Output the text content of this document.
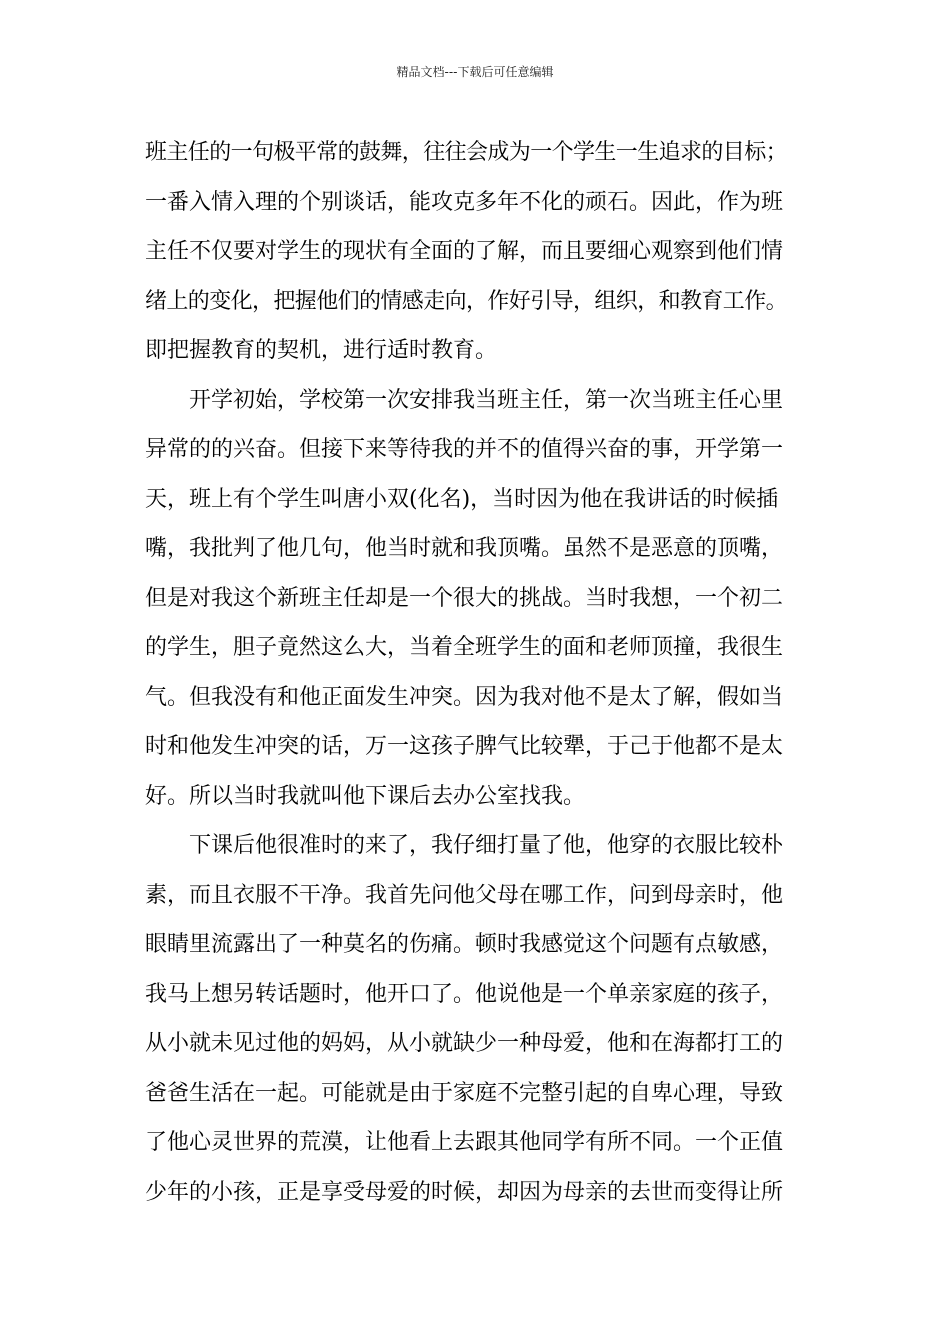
精品文档---下载后可任意编辑
班主任的一句极平常的鼓舞，往往会成为一个学生一生追求的目标；
一番入情入理的个别谈话，能攻克多年不化的顽石。因此，作为班
主任不仅要对学生的现状有全面的了解，而且要细心观察到他们情
绪上的变化，把握他们的情感走向，作好引导，组织，和教育工作。
即把握教育的契机，进行适时教育。
开学初始，学校第一次安排我当班主任，第一次当班主任心里
异常的的兴奋。但接下来等待我的并不的值得兴奋的事，开学第一
天，班上有个学生叫唐小双(化名)，当时因为他在我讲话的时候插
嘴，我批判了他几句，他当时就和我顶嘴。虽然不是恶意的顶嘴，
但是对我这个新班主任却是一个很大的挑战。当时我想，一个初二
的学生，胆子竟然这么大，当着全班学生的面和老师顶撞，我很生
气。但我没有和他正面发生冲突。因为我对他不是太了解，假如当
时和他发生冲突的话，万一这孩子脾气比较犟，于己于他都不是太
好。所以当时我就叫他下课后去办公室找我。
下课后他很准时的来了，我仔细打量了他，他穿的衣服比较朴
素，而且衣服不干净。我首先问他父母在哪工作，问到母亲时，他
眼睛里流露出了一种莫名的伤痛。顿时我感觉这个问题有点敏感，
我马上想另转话题时，他开口了。他说他是一个单亲家庭的孩子，
从小就未见过他的妈妈，从小就缺少一种母爱，他和在海都打工的
爸爸生活在一起。可能就是由于家庭不完整引起的自卑心理，导致
了他心灵世界的荒漠，让他看上去跟其他同学有所不同。一个正值
少年的小孩，正是享受母爱的时候，却因为母亲的去世而变得让所
